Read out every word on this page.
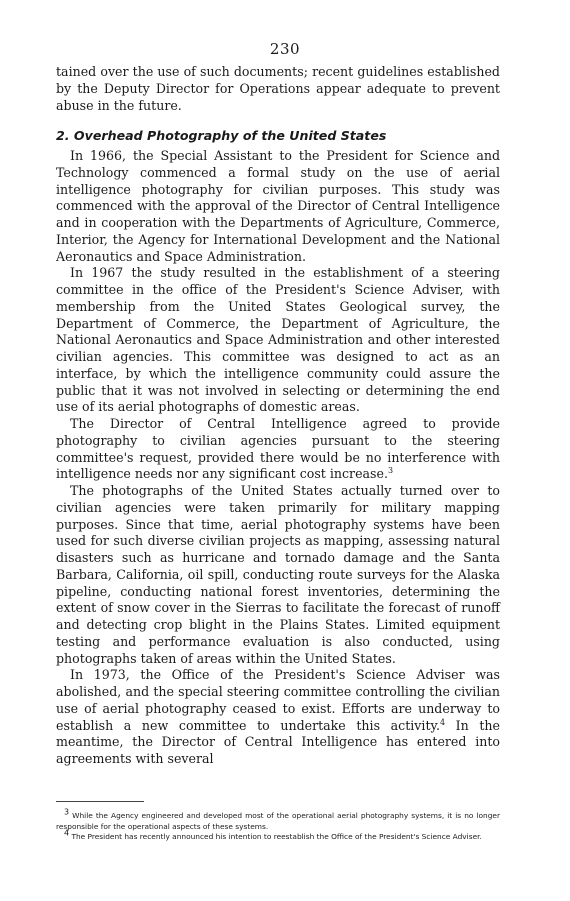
230

tained over the use of such documents; recent guidelines established by the Deputy Director for Operations appear adequate to prevent abuse in the future.

2. Overhead Photography of the United States

In 1966, the Special Assistant to the President for Science and Technology commenced a formal study on the use of aerial intelligence photography for civilian purposes. This study was commenced with the approval of the Director of Central Intelligence and in cooperation with the Departments of Agriculture, Commerce, Interior, the Agency for International Development and the National Aeronautics and Space Administration.

In 1967 the study resulted in the establishment of a steering committee in the office of the President's Science Adviser, with membership from the United States Geological survey, the Department of Commerce, the Department of Agriculture, the National Aeronautics and Space Administration and other interested civilian agencies. This committee was designed to act as an interface, by which the intelligence community could assure the public that it was not involved in selecting or determining the end use of its aerial photographs of domestic areas.

The Director of Central Intelligence agreed to provide photography to civilian agencies pursuant to the steering committee's request, provided there would be no interference with intelligence needs nor any significant cost increase.$^3$

The photographs of the United States actually turned over to civilian agencies were taken primarily for military mapping purposes. Since that time, aerial photography systems have been used for such diverse civilian projects as mapping, assessing natural disasters such as hurricane and tornado damage and the Santa Barbara, California, oil spill, conducting route surveys for the Alaska pipeline, conducting national forest inventories, determining the extent of snow cover in the Sierras to facilitate the forecast of runoff and detecting crop blight in the Plains States. Limited equipment testing and performance evaluation is also conducted, using photographs taken of areas within the United States.

In 1973, the Office of the President's Science Adviser was abolished, and the special steering committee controlling the civilian use of aerial photography ceased to exist. Efforts are underway to establish a new committee to undertake this activity.$^4$ In the meantime, the Director of Central Intelligence has entered into agreements with several

$^3$ While the Agency engineered and developed most of the operational aerial photography systems, it is no longer responsible for the operational aspects of these systems.

$^4$ The President has recently announced his intention to reestablish the Office of the President's Science Adviser.
